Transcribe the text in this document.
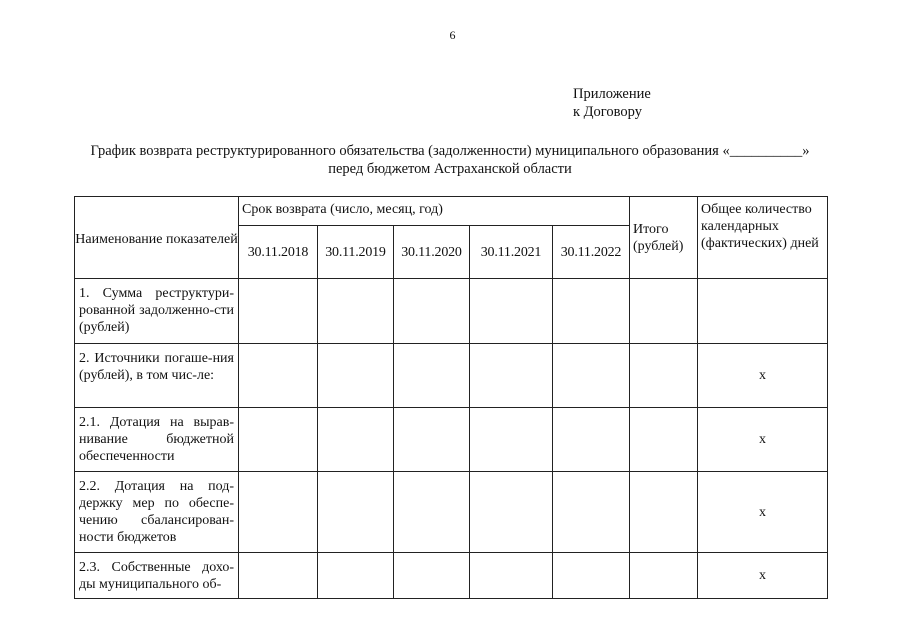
6
Приложение
к Договору
График возврата реструктурированного обязательства (задолженности) муниципального образования «__________»
перед бюджетом Астраханской области
Наименование показателей	Срок возврата (число, месяц, год)					Итого (рублей)	Общее количество календарных (фактических) дней
	30.11.2018	30.11.2019	30.11.2020	30.11.2021	30.11.2022		
1. Сумма реструктури-рованной задолженно-сти (рублей)							
2. Источники погаше-ния (рублей), в том чис-ле:							х
2.1. Дотация на вырав-нивание бюджетной обеспеченности							х
2.2. Дотация на под-держку мер по обеспе-чению сбалансирован-ности бюджетов							х
2.3. Собственные дохо-ды муниципального об-							х
